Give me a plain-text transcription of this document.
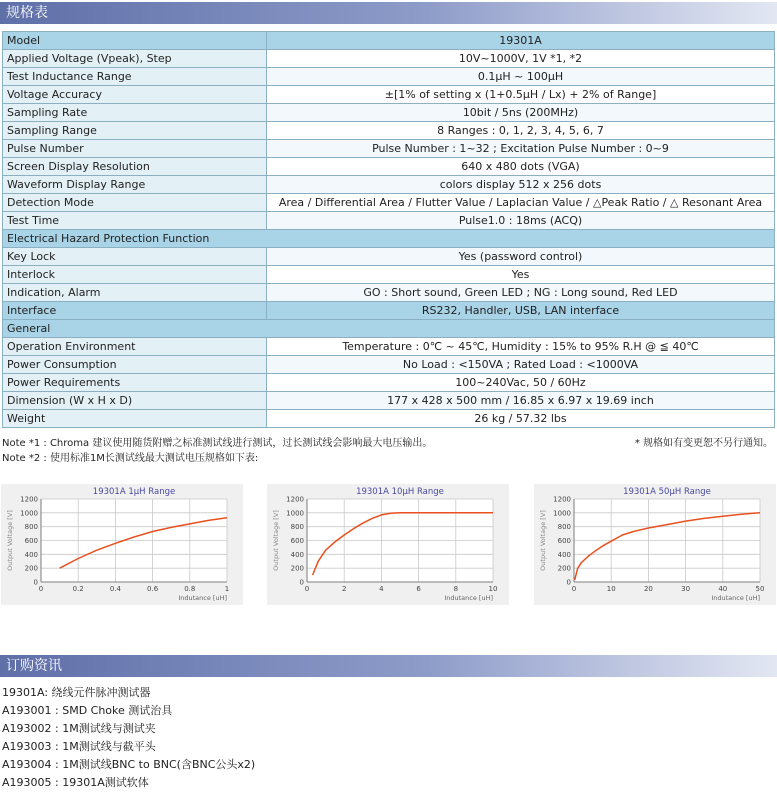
规格表
Model	19301A
Applied Voltage (Vpeak), Step	10V~1000V, 1V *1, *2
Test Inductance Range	0.1μH ~ 100μH
Voltage Accuracy	±[1% of setting x (1+0.5μH / Lx) + 2% of Range]
Sampling Rate	10bit / 5ns (200MHz)
Sampling Range	8 Ranges : 0, 1, 2, 3, 4, 5, 6, 7
Pulse Number	Pulse Number : 1~32 ; Excitation Pulse Number : 0~9
Screen Display Resolution	640 x 480 dots (VGA)
Waveform Display Range	colors display 512 x 256 dots
Detection Mode	Area / Differential Area / Flutter Value / Laplacian Value / △Peak Ratio / △ Resonant Area
Test Time	Pulse1.0 : 18ms (ACQ)
Electrical Hazard Protection Function	
Key Lock	Yes (password control)
Interlock	Yes
Indication, Alarm	GO : Short sound, Green LED ; NG : Long sound, Red LED
Interface	RS232, Handler, USB, LAN interface
General	
Operation Environment	Temperature : 0℃ ~ 45℃, Humidity : 15% to 95% R.H @ ≦ 40℃
Power Consumption	No Load : <150VA ; Rated Load : <1000VA
Power Requirements	100~240Vac, 50 / 60Hz
Dimension (W x H x D)	177 x 428 x 500 mm / 16.85 x 6.97 x 19.69 inch
Weight	26 kg / 57.32 lbs
Note *1 : Chroma 建议使用随货附赠之标准测试线进行测试，过长测试线会影响最大电压输出。
Note *2 : 使用标准1M长测试线最大测试电压规格如下表:
* 规格如有变更恕不另行通知。
0	0.2	0.4	0.6	0.8	1
0
200
400
600
800
1000
1200
19301A 1μH Range
Indutance [uH]
Output Voltage [V]
0	2	4	6	8	10
0
200
400
600
800
1000
1200
19301A 10μH Range
Indutance [uH]
Output Voltage [V]
0	10	20	30	40	50
0
200
400
600
800
1000
1200
19301A 50μH Range
Indutance [uH]
Output Voltage [V]
订购资讯
19301A: 绕线元件脉冲测试器
A193001 : SMD Choke 测试治具
A193002 : 1M测试线与测试夹
A193003 : 1M测试线与截平头
A193004 : 1M测试线BNC to BNC(含BNC公头x2)
A193005 : 19301A测试软体
